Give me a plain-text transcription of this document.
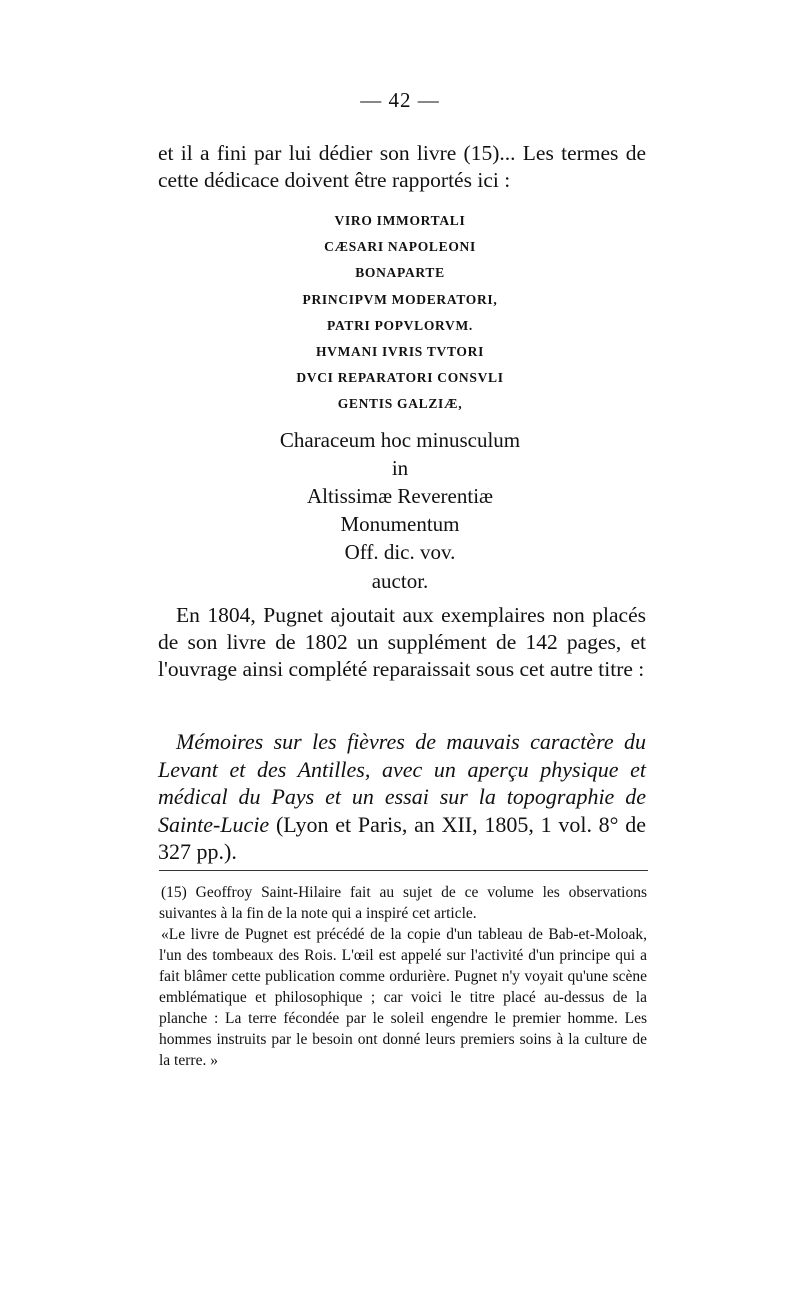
— 42 —

et il a fini par lui dédier son livre (15)... Les termes de cette dédicace doivent être rapportés ici :

VIRO IMMORTALI
CÆSARI NAPOLEONI
BONAPARTE
PRINCIPVM MODERATORI,
PATRI POPVLORVM.
HVMANI IVRIS TVTORI
DVCI REPARATORI CONSVLI
GENTIS GALZIÆ,
Characeum hoc minusculum
in
Altissimæ Reverentiæ
Monumentum
Off. dic. vov.
auctor.

En 1804, Pugnet ajoutait aux exemplaires non placés de son livre de 1802 un supplément de 142 pages, et l'ouvrage ainsi complété reparaissait sous cet autre titre :

Mémoires sur les fièvres de mauvais caractère du Levant et des Antilles, avec un aperçu physique et médical du Pays et un essai sur la topographie de Sainte-Lucie (Lyon et Paris, an XII, 1805, 1 vol. 8° de 327 pp.).

(15) Geoffroy Saint-Hilaire fait au sujet de ce volume les observations suivantes à la fin de la note qui a inspiré cet article.

«Le livre de Pugnet est précédé de la copie d'un tableau de Bab-et-Moloak, l'un des tombeaux des Rois. L'œil est appelé sur l'activité d'un principe qui a fait blâmer cette publication comme ordurière. Pugnet n'y voyait qu'une scène emblématique et philosophique ; car voici le titre placé au-dessus de la planche : La terre fécondée par le soleil engendre le premier homme. Les hommes instruits par le besoin ont donné leurs premiers soins à la culture de la terre. »
